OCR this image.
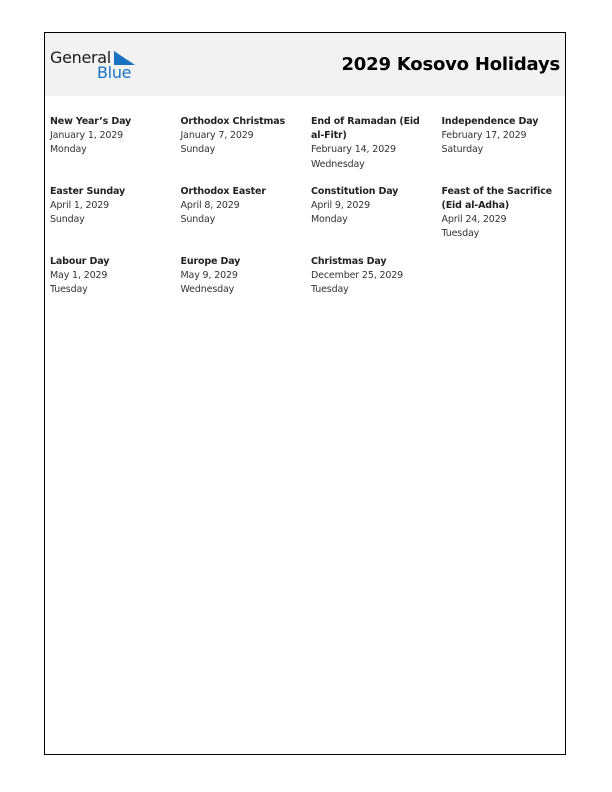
General
Blue	2029 Kosovo Holidays
New Year’s Day
January 1, 2029
Monday
Orthodox Christmas
January 7, 2029
Sunday
End of Ramadan (Eid al-Fitr)
February 14, 2029
Wednesday
Independence Day
February 17, 2029
Saturday
Easter Sunday
April 1, 2029
Sunday
Orthodox Easter
April 8, 2029
Sunday
Constitution Day
April 9, 2029
Monday
Feast of the Sacrifice (Eid al-Adha)
April 24, 2029
Tuesday
Labour Day
May 1, 2029
Tuesday
Europe Day
May 9, 2029
Wednesday
Christmas Day
December 25, 2029
Tuesday
